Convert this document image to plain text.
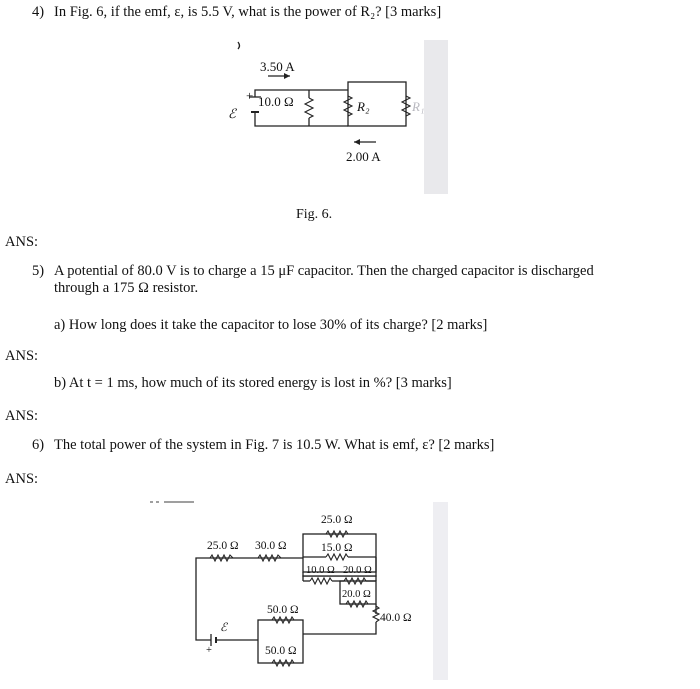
4) In Fig. 6, if the emf, ε, is 5.5 V, what is the power of R₂? [3 marks]
3.50 A
+
ℰ
10.0 Ω	R₂	R₁
2.00 A
Fig. 6.
ANS:
5) A potential of 80.0 V is to charge a 15 μF capacitor. Then the charged capacitor is discharged
through a 175 Ω resistor.
a) How long does it take the capacitor to lose 30% of its charge? [2 marks]
ANS:
b) At t = 1 ms, how much of its stored energy is lost in %? [3 marks]
ANS:
6) The total power of the system in Fig. 7 is 10.5 W. What is emf, ε? [2 marks]
ANS:
25.0 Ω
25.0 Ω 30.0 Ω	15.0 Ω
10.0 Ω 20.0 Ω
20.0 Ω
40.0 Ω
50.0 Ω
50.0 Ω
ℰ
+
